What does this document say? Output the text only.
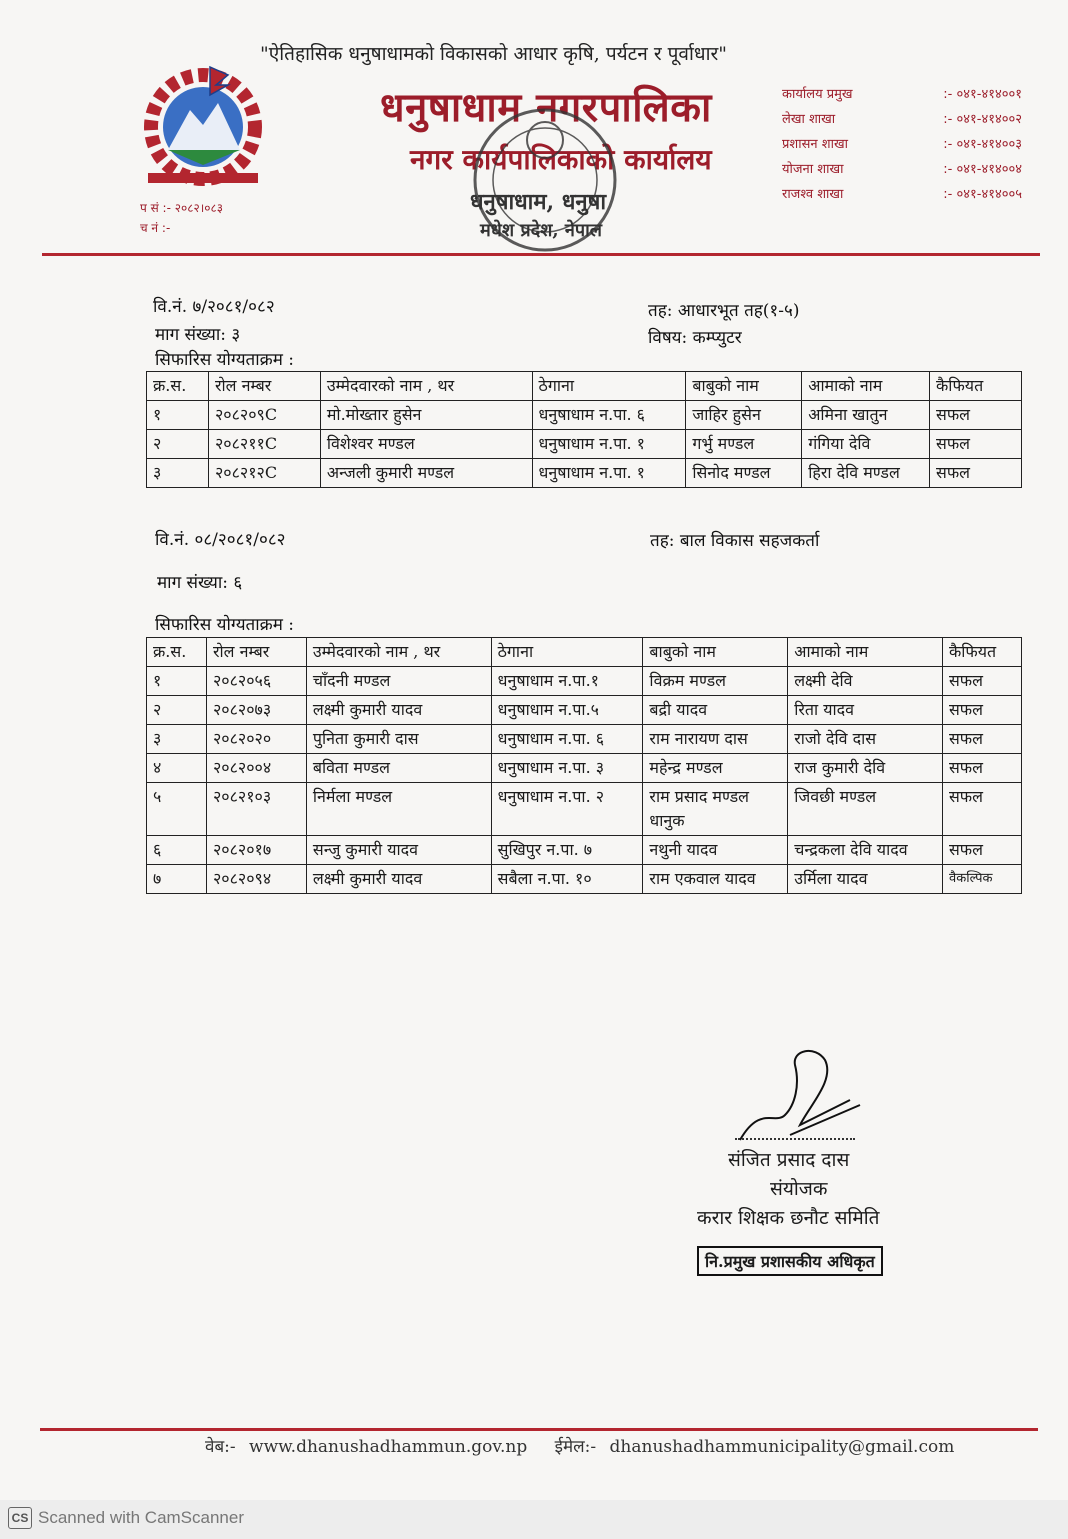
"ऐतिहासिक धनुषाधामको विकासको आधार कृषि, पर्यटन र पूर्वाधार"
धनुषाधाम नगरपालिका
नगर कार्यपालिकाको कार्यालय
धनुषाधाम, धनुषा
मधेश प्रदेश, नेपाल
कार्यालय प्रमुख	:- ०४१-४१४००१
लेखा शाखा	:- ०४१-४१४००२
प्रशासन शाखा	:- ०४१-४१४००३
योजना शाखा	:- ०४१-४१४००४
राजश्व शाखा	:- ०४१-४१४००५
प सं :- २०८२।०८३
च नं :-
वि.नं. ७/२०८१/०८२	तह: आधारभूत तह(१-५)
माग संख्या: ३	विषय: कम्प्युटर
सिफारिस योग्यताक्रम :
क्र.स.	रोल नम्बर	उम्मेदवारको नाम , थर	ठेगाना	बाबुको नाम	आमाको नाम	कैफियत
१	२०८२०९C	मो.मोख्तार हुसेन	धनुषाधाम न.पा. ६	जाहिर हुसेन	अमिना खातुन	सफल
२	२०८२११C	विशेश्वर मण्डल	धनुषाधाम न.पा. १	गर्भु मण्डल	गंगिया देवि	सफल
३	२०८२१२C	अन्जली कुमारी मण्डल	धनुषाधाम न.पा. १	सिनोद मण्डल	हिरा देवि मण्डल	सफल
वि.नं. ०८/२०८१/०८२	तह: बाल विकास सहजकर्ता
माग संख्या: ६
सिफारिस योग्यताक्रम :
क्र.स.	रोल नम्बर	उम्मेदवारको नाम , थर	ठेगाना	बाबुको नाम	आमाको नाम	कैफियत
१	२०८२०५६	चाँदनी मण्डल	धनुषाधाम न.पा.१	विक्रम मण्डल	लक्ष्मी देवि	सफल
२	२०८२०७३	लक्ष्मी कुमारी यादव	धनुषाधाम न.पा.५	बद्री यादव	रिता यादव	सफल
३	२०८२०२०	पुनिता कुमारी दास	धनुषाधाम न.पा. ६	राम नारायण दास	राजो देवि दास	सफल
४	२०८२००४	बविता मण्डल	धनुषाधाम न.पा. ३	महेन्द्र मण्डल	राज कुमारी देवि	सफल
५	२०८२१०३	निर्मला मण्डल	धनुषाधाम न.पा. २	राम प्रसाद मण्डल धानुक	जिवछी मण्डल	सफल
६	२०८२०१७	सन्जु कुमारी यादव	सुखिपुर न.पा. ७	नथुनी यादव	चन्द्रकला देवि यादव	सफल
७	२०८२०९४	लक्ष्मी कुमारी यादव	सबैला न.पा. १०	राम एकवाल यादव	उर्मिला यादव	वैकल्पिक
संजित प्रसाद दास
संयोजक
करार शिक्षक छनौट समिति
नि.प्रमुख प्रशासकीय अधिकृत
वेब:- www.dhanushadhammun.gov.np ईमेल:- dhanushadhammunicipality@gmail.com
CS Scanned with CamScanner
